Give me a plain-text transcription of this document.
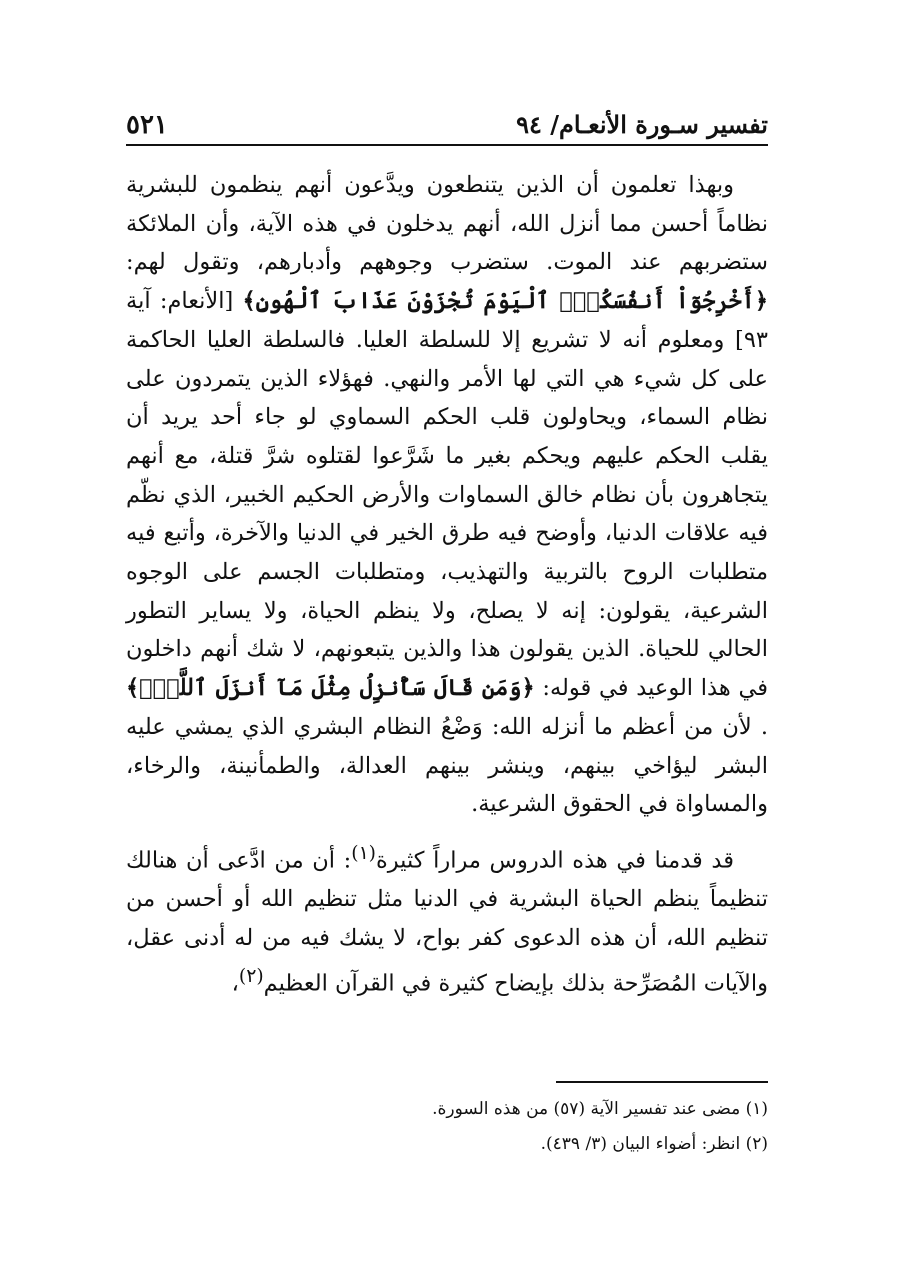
٥٢١	تفسير سـورة الأنعـام/ ٩٤

وبهذا تعلمون أن الذين يتنطعون ويدَّعون أنهم ينظمون للبشرية نظاماً أحسن مما أنزل الله، أنهم يدخلون في هذه الآية، وأن الملائكة ستضربهم عند الموت. ستضرب وجوههم وأدبارهم، وتقول لهم: ﴿أَخْرِجُوٓاْ أَنفُسَكُمُۖ ٱلْيَوْمَ تُجْزَوْنَ عَذَابَ ٱلْهُونِ﴾ [الأنعام: آية ٩٣] ومعلوم أنه لا تشريع إلا للسلطة العليا. فالسلطة العليا الحاكمة على كل شيء هي التي لها الأمر والنهي. فهؤلاء الذين يتمردون على نظام السماء، ويحاولون قلب الحكم السماوي لو جاء أحد يريد أن يقلب الحكم عليهم ويحكم بغير ما شَرَّعوا لقتلوه شرَّ قتلة، مع أنهم يتجاهرون بأن نظام خالق السماوات والأرض الحكيم الخبير، الذي نظّم فيه علاقات الدنيا، وأوضح فيه طرق الخير في الدنيا والآخرة، وأتبع فيه متطلبات الروح بالتربية والتهذيب، ومتطلبات الجسم على الوجوه الشرعية، يقولون: إنه لا يصلح، ولا ينظم الحياة، ولا يساير التطور الحالي للحياة. الذين يقولون هذا والذين يتبعونهم، لا شك أنهم داخلون في هذا الوعيد في قوله: ﴿وَمَن قَالَ سَأُنزِلُ مِثْلَ مَآ أَنزَلَ ٱللَّهُۗ﴾ . لأن من أعظم ما أنزله الله: وَضْعُ النظام البشري الذي يمشي عليه البشر ليؤاخي بينهم، وينشر بينهم العدالة، والطمأنينة، والرخاء، والمساواة في الحقوق الشرعية.

قد قدمنا في هذه الدروس مراراً كثيرة$^{(١)}$: أن من ادَّعى أن هنالك تنظيماً ينظم الحياة البشرية في الدنيا مثل تنظيم الله أو أحسن من تنظيم الله، أن هذه الدعوى كفر بواح، لا يشك فيه من له أدنى عقل، والآيات المُصَرِّحة بذلك بإيضاح كثيرة في القرآن العظيم$^{(٢)}$،

(١) مضى عند تفسير الآية (٥٧) من هذه السورة.
(٢) انظر: أضواء البيان (٣/ ٤٣٩).
